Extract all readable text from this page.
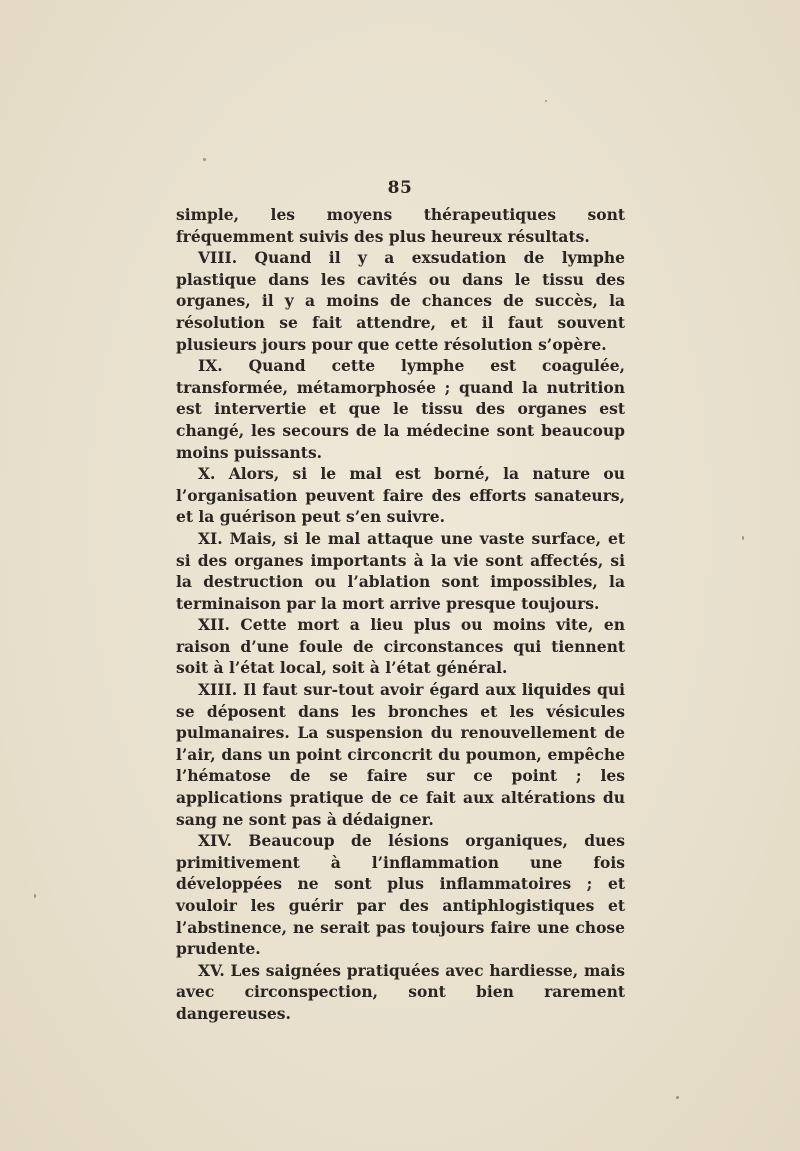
85

simple, les moyens thérapeutiques sont fréquemment suivis des plus heureux résultats.

VIII. Quand il y a exsudation de lymphe plastique dans les cavités ou dans le tissu des organes, il y a moins de chances de succès, la résolution se fait attendre, et il faut souvent plusieurs jours pour que cette résolution s’opère.

IX. Quand cette lymphe est coagulée, transformée, métamorphosée ; quand la nutrition est intervertie et que le tissu des organes est changé, les secours de la médecine sont beaucoup moins puissants.

X. Alors, si le mal est borné, la nature ou l’organisation peuvent faire des efforts sanateurs, et la guérison peut s’en suivre.

XI. Mais, si le mal attaque une vaste surface, et si des organes importants à la vie sont affectés, si la destruction ou l’ablation sont impossibles, la terminaison par la mort arrive presque toujours.

XII. Cette mort a lieu plus ou moins vite, en raison d’une foule de circonstances qui tiennent soit à l’état local, soit à l’état général.

XIII. Il faut sur-tout avoir égard aux liquides qui se déposent dans les bronches et les vésicules pulmanaires. La suspension du renouvellement de l’air, dans un point circoncrit du poumon, empêche l’hématose de se faire sur ce point ; les applications pratique de ce fait aux altérations du sang ne sont pas à dédaigner.

XIV. Beaucoup de lésions organiques, dues primitivement à l’inflammation une fois développées ne sont plus inflammatoires ; et vouloir les guérir par des antiphlogistiques et l’abstinence, ne serait pas toujours faire une chose prudente.

XV. Les saignées pratiquées avec hardiesse, mais avec circonspection, sont bien rarement dangereuses.
